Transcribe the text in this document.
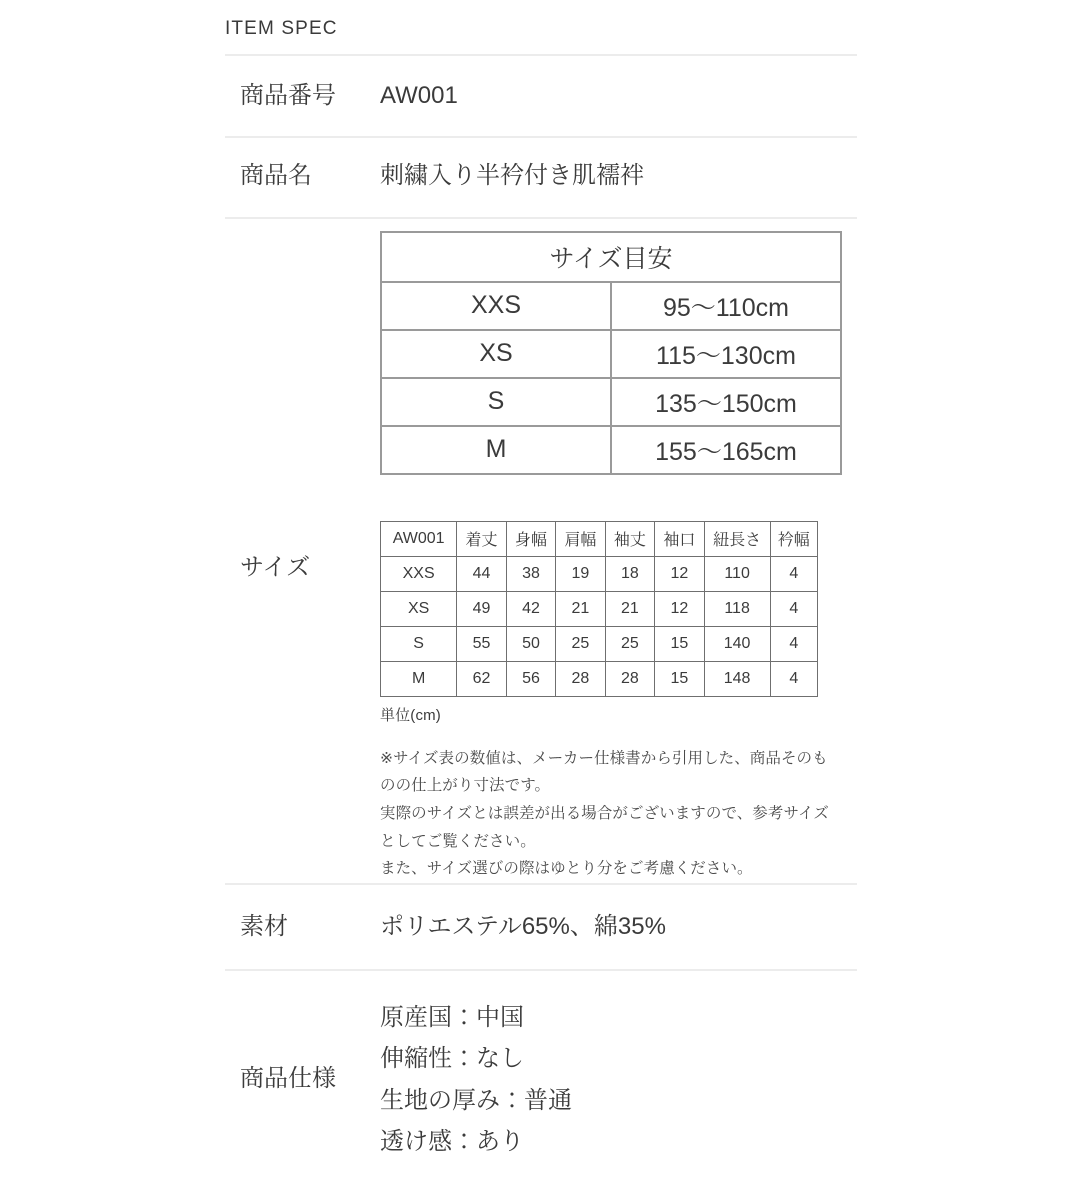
ITEM SPEC
商品番号	AW001
商品名	刺繍入り半衿付き肌襦袢
サイズ
サイズ目安	
XXS	95〜110cm
XS	115〜130cm
S	135〜150cm
M	155〜165cm
AW001	着丈	身幅	肩幅	袖丈	袖口	紐長さ	衿幅
XXS	44	38	19	18	12	110	4
XS	49	42	21	21	12	118	4
S	55	50	25	25	15	140	4
M	62	56	28	28	15	148	4
単位(cm)
※サイズ表の数値は、メーカー仕様書から引用した、商品そのも
のの仕上がり寸法です。
実際のサイズとは誤差が出る場合がございますので、参考サイズ
としてご覧ください。
また、サイズ選びの際はゆとり分をご考慮ください。
素材	ポリエステル65%、綿35%
商品仕様
原産国：中国
伸縮性：なし
生地の厚み：普通
透け感：あり
